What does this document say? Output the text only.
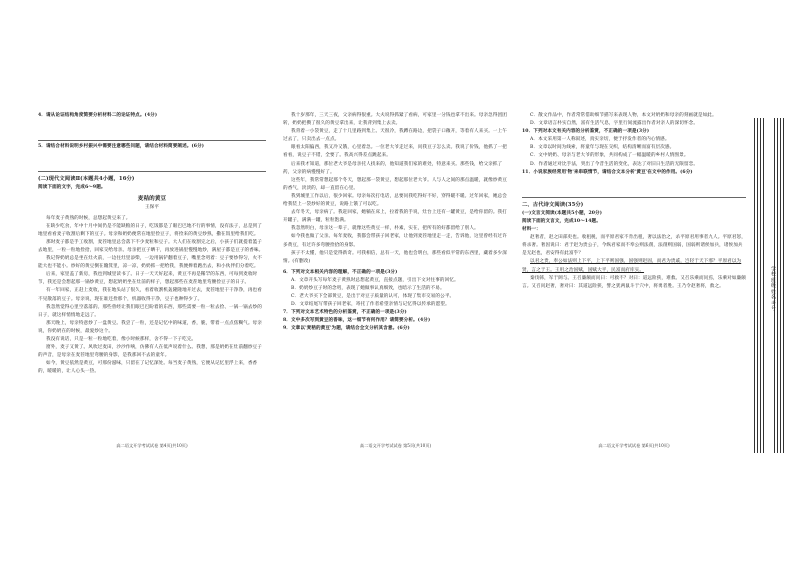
4．请从论证结构角度简要分析材料二的论证特点。(4分)

5．请结合材料说明乡村振兴中需要注意哪些问题，请结合材料简要阐述。(6分)

(二)现代文阅读Ⅱ(本题共4小题，16分)

阅读下面的文字，完成6～9题。

麦秸的黄豆

王保平

每年麦子黄熟的时候，总想起黄豆来了。

在缺少吃食，年中十月中间仍是不能缺粮的日子，吃饭都是了眼巴巴地不行的事情，没有法子，总是到了地里看看麦子收割后剩下的豆子。母亲和奶奶便常在地里捡豆子，将捡来的黄豆炒熟，撒在饭里给我们吃。

那时麦子都是手工收割，麦茬地里总会落下不少麦粒和豆子。大人们在收割完之后，小孩子们就提着篮子去地里，一粒一粒地捡拾，回家交给母亲。母亲把豆子晒干，再放进锅里慢慢地炒，满屋子都是豆子的香味。

我记得奶奶总是坐在灶火前，一边往灶里添柴，一边用锅铲翻着豆子，嘴里念叨着：豆子要炒得匀，火不能大也不能小。炒好的黄豆倒在簸箕里，凉一凉，奶奶抓一把给我，我便捧着跑出去，和小伙伴们分着吃。

后来，家里盖了新房，我也到城里读书了。日子一天天好起来，黄豆不再是稀罕的东西，可每到麦收时节，我还是会想起那一锅炒黄豆，想起奶奶坐在灶前的样子，想起那些在麦茬地里弯腰捡豆子的日子。

有一年回家，正赶上麦收，我在地头站了很久，看着收割机轰隆隆地开过去，麦茬地里干干净净，再也看不见散落的豆子。母亲说，现在谁还捡那个，机器收得干净，豆子也种得少了。

我忽然觉得心里空落落的。那些曾经让我们眼巴巴盼着的东西，那些需要一粒一粒去捡、一锅一锅去炒的日子，就这样悄悄地走远了。

那天晚上，母亲特意炒了一盘黄豆。我尝了一粒，还是记忆中的味道，香，脆，带着一点点焦糊气。母亲说，你奶奶在的时候，最爱炒这个。

我没有说话，只是一粒一粒地吃着，像小时候那样，舍不得一下子吃完。

窗外，麦子又黄了。风吹过麦田，沙沙作响，仿佛有人在低声说着什么。我想，那是奶奶在灶前翻炒豆子的声音，是母亲在麦茬地里弯腰的身影，是我那回不去的童年。

如今，黄豆依然是黄豆，可那份滋味，只留在了记忆深处。每当麦子黄熟，它便从记忆里浮上来，香香的，暖暖的，让人心头一热。

高二语文开学考试试卷 第4页(共10页)

我十岁那年，三天三夜，父亲病得很重。大夫说得抓紧了看病，可家里一分钱也拿不出来。母亲急得团团转，奶奶把攒了很久的黄豆拿出来，让我背到集上去卖。

我背着一小袋黄豆，走了十几里路到集上。天很冷，我蹲在路边，把袋子口敞开，等着有人来买。一上午过去了，只卖出去一点点。

眼看太阳偏西，我又冷又饿，心里着急。一位老大爷走过来，问我豆子怎么卖。我说了价钱，他抓了一把看看，说豆子不错，全要了。我高兴得差点跳起来。

后来我才知道，那位老大爷是母亲托人找来的，他知道我们家的难处，特意来买。那些钱，给父亲抓了药，父亲的病慢慢好了。

这些年，我常常想起那个冬天，想起那一袋黄豆，想起那位老大爷。人与人之间的那点温暖，就像炒黄豆的香气，淡淡的，却一直留在心里。

我到城里工作以后，很少回家。母亲每次打电话，总要问我吃得好不好，穿得暖不暖。过年回家，她总会给我装上一袋炒好的黄豆，说路上饿了可以吃。

去年冬天，母亲病了。我赶回家，她躺在床上，拉着我的手说，灶台上还有一罐黄豆，是给你留的。我打开罐子，满满一罐，粒粒饱满。

我忽然明白，母亲这一辈子，就像这些黄豆一样，朴素，实在，把所有的好都留给了别人。

如今我也做了父亲。每年麦收，我都会带孩子回老家，让他到麦茬地里走一走，告诉他，这里曾经有过许多黄豆，有过许多弯腰捡拾的身影。

孩子不太懂，他只是觉得新奇。可我相信，总有一天，他也会明白，那些看似平常的东西里，藏着多少深情。(有删改)

6．下列对文本相关内容的理解，不正确的一项是(3分)

A．文章开头写每年麦子黄熟时总想起黄豆，直接点题，引出下文对往事的回忆。

B．奶奶炒豆子时的念叨，表现了她做事认真细致，也暗示了生活的不易。

C．老大爷买下全部黄豆，是出于对豆子质量的认可，体现了集市交易的公平。

D．文章结尾写带孩子回老家，寄托了作者希望亲情与记忆得以传承的愿望。

7．下列对文本艺术特色的分析鉴赏，不正确的一项是(3分)

8．文中多次写到黄豆的香味，这一细节有何作用？请简要分析。(4分)

9．文章以'麦秸的黄豆'为题，请结合全文分析其含意。(6分)

高二语文开学考试试卷 第5页(共10页)

C．散文作品中，作者常常借助细节描写来表现人物，本文对奶奶和母亲的刻画就是如此。

D．文章语言朴实自然，富有生活气息，字里行间流露出作者对亲人的深切怀念。

10．下列对本文有关内容的分析鉴赏，不正确的一项是(3分)

A．本文采用第一人称叙述，真实亲切，便于抒发作者的内心情感。

B．文章以时间为线索，将童年与现在交织，结构清晰而富有层次感。

C．文中奶奶、母亲与老大爷的形象，共同构成了一幅温暖的乡村人情图景。

D．作者通过对比手法，突出了今昔生活的变化，表达了对旧日生活的无限留恋。

11．小说家族经常用'物'来串联情节，请结合文本分析'黄豆'在文中的作用。(6分)

二、古代诗文阅读(35分)

(一)文言文阅读(本题共5小题，20分)

阅读下面的文言文，完成10～14题。

材料一：

赵奢者，赵之田部吏也。收租税，而平原君家不肯出租，奢以法治之，杀平原君用事者九人。平原君怒，将杀奢。奢因说曰：君于赵为贵公子，今纵君家而不奉公则法削，法削则国弱，国弱则诸侯加兵，诸侯加兵是无赵也，君安得有此富乎？

以君之贵，奉公如法则上下平，上下平则国强，国强则赵固，而君为贵戚，岂轻于天下邪？平原君以为贤，言之于王。王用之治国赋，国赋大平，民富而府库实。

秦伐韩，军于阏与。王召廉颇而问曰：可救不？对曰：道远险狭，难救。又召乐乘而问焉，乐乘对如廉颇言。又召问赵奢，奢对曰：其道远险狭，譬之犹两鼠斗于穴中，将勇者胜。王乃令赵奢将，救之。

高二语文开学考试试卷 第6页(共10页)
学校 班级 姓名 考号
